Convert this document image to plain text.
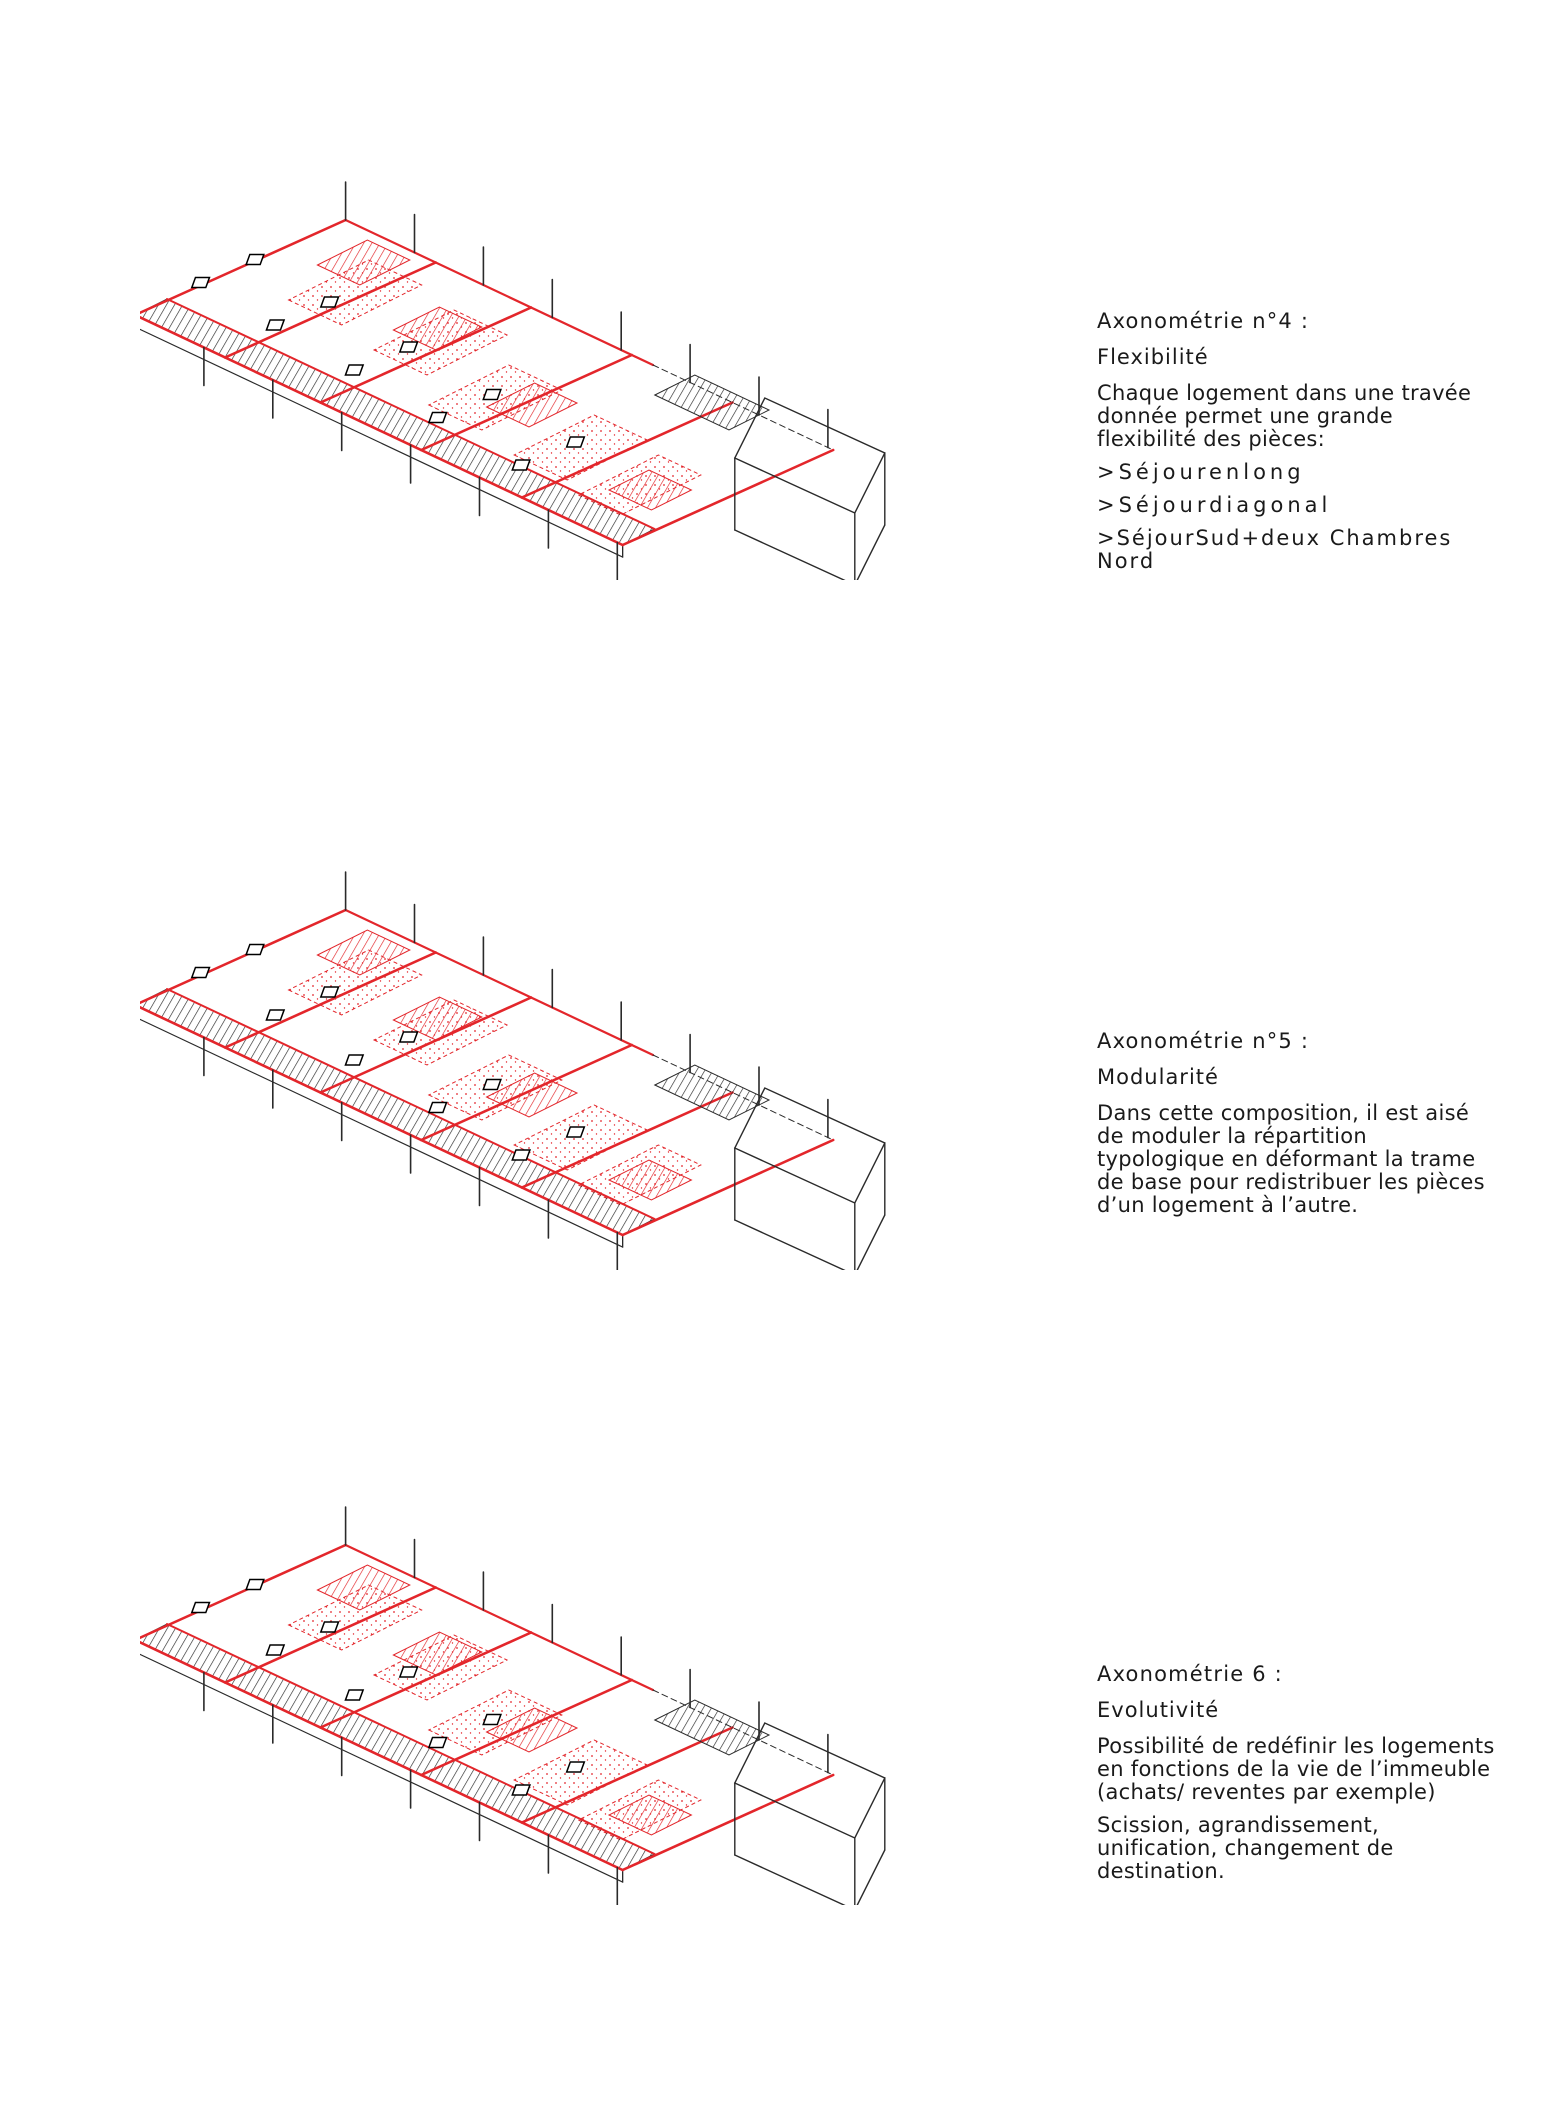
Axonométrie n°4 :
Flexibilité
Chaque logement dans une travée donnée permet une grande flexibilité des pièces:
>Séjourenlong
>Séjourdiagonal
>SéjourSud+deux Chambres Nord
Axonométrie n°5 :
Modularité
Dans cette composition, il est aisé de moduler la répartition typologique en déformant la trame de base pour redistribuer les pièces d’un logement à l’autre.
Axonométrie 6 :
Evolutivité
Possibilité de redéfinir les logements en fonctions de la vie de l’immeuble (achats/ reventes par exemple)
Scission, agrandissement, unification, changement de destination.
